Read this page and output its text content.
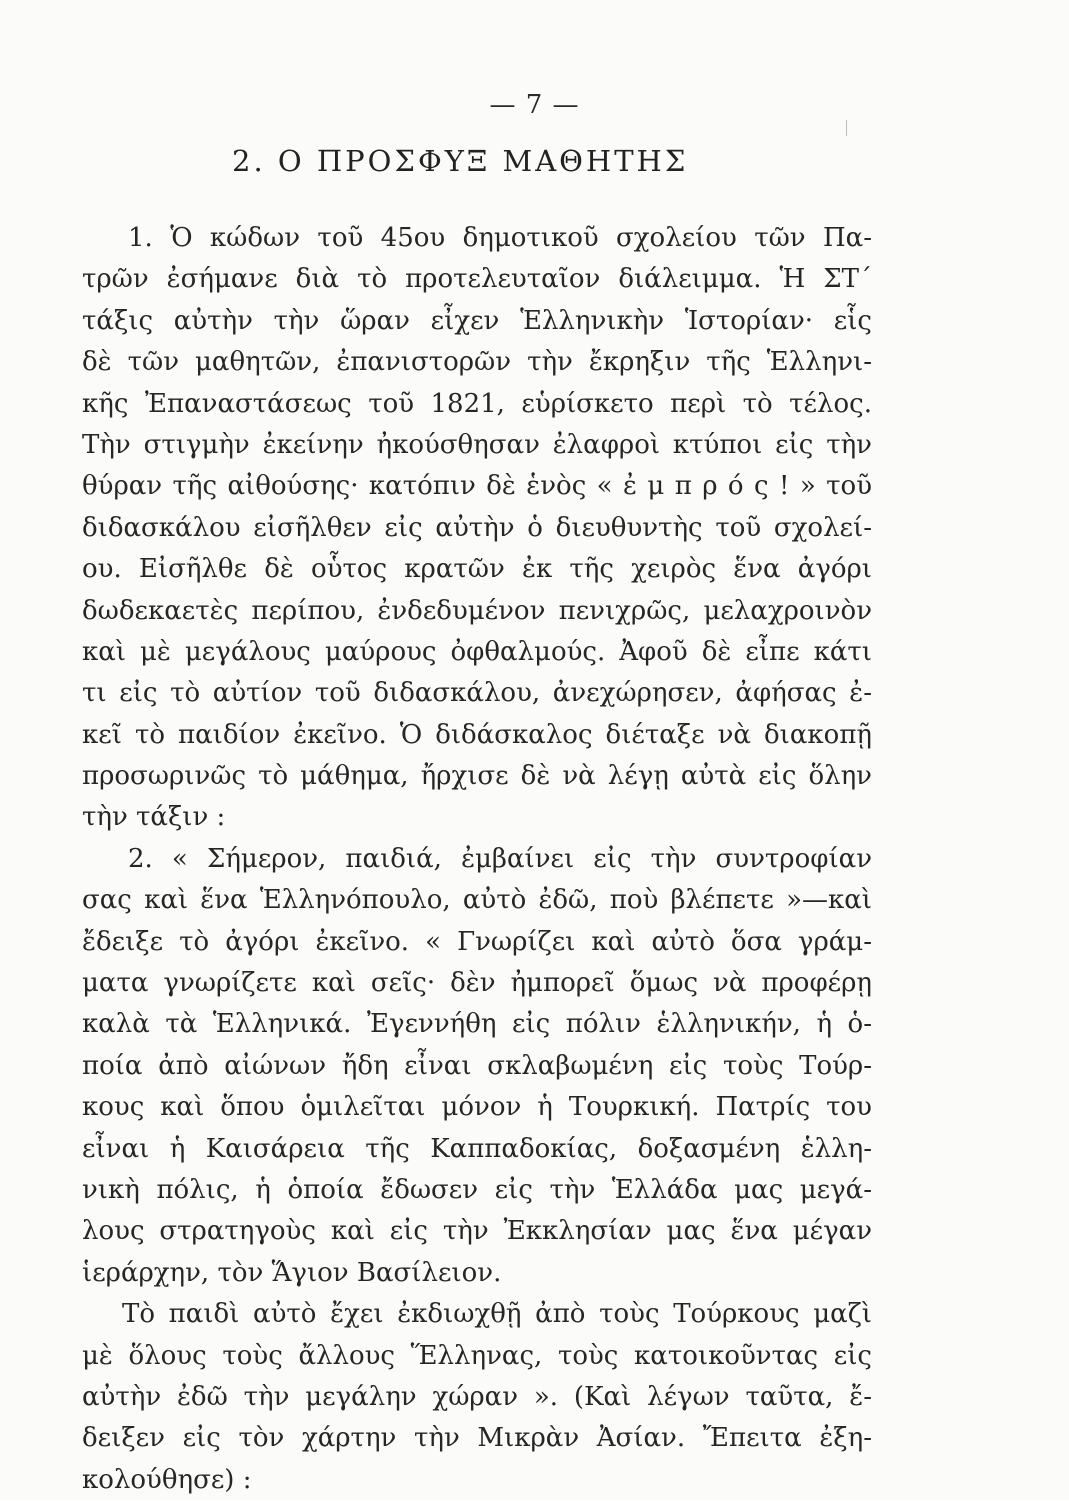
— 7 —
2. Ο ΠΡΟΣΦΥΞ ΜΑΘΗΤΗΣ
1. Ὁ κώδων τοῦ 45ου δημοτικοῦ σχολείου τῶν Πα-
τρῶν ἐσήμανε διὰ τὸ προτελευταῖον διάλειμμα. Ἡ ΣΤ΄
τάξις αὐτὴν τὴν ὥραν εἶχεν Ἑλληνικὴν Ἱστορίαν· εἷς
δὲ τῶν μαθητῶν, ἐπανιστορῶν τὴν ἔκρηξιν τῆς Ἑλληνι-
κῆς Ἐπαναστάσεως τοῦ 1821, εὑρίσκετο περὶ τὸ τέλος.
Τὴν στιγμὴν ἐκείνην ἠκούσθησαν ἐλαφροὶ κτύποι εἰς τὴν
θύραν τῆς αἰθούσης· κατόπιν δὲ ἑνὸς « ἐ μ π ρ ό ς ! » τοῦ
διδασκάλου εἰσῆλθεν εἰς αὐτὴν ὁ διευθυντὴς τοῦ σχολεί-
ου. Εἰσῆλθε δὲ οὗτος κρατῶν ἐκ τῆς χειρὸς ἕνα ἀγόρι
δωδεκαετὲς περίπου, ἐνδεδυμένον πενιχρῶς, μελαχροινὸν
καὶ μὲ μεγάλους μαύρους ὀφθαλμούς. Ἀφοῦ δὲ εἶπε κάτι
τι εἰς τὸ αὐτίον τοῦ διδασκάλου, ἀνεχώρησεν, ἀφήσας ἐ-
κεῖ τὸ παιδίον ἐκεῖνο. Ὁ διδάσκαλος διέταξε νὰ διακοπῇ
προσωρινῶς τὸ μάθημα, ἤρχισε δὲ νὰ λέγῃ αὐτὰ εἰς ὅλην
τὴν τάξιν :
2. « Σήμερον, παιδιά, ἐμβαίνει εἰς τὴν συντροφίαν
σας καὶ ἕνα Ἑλληνόπουλο, αὐτὸ ἐδῶ, ποὺ βλέπετε »—καὶ
ἔδειξε τὸ ἀγόρι ἐκεῖνο. « Γνωρίζει καὶ αὐτὸ ὅσα γράμ-
ματα γνωρίζετε καὶ σεῖς· δὲν ἠμπορεῖ ὅμως νὰ προφέρῃ
καλὰ τὰ Ἑλληνικά. Ἐγεννήθη εἰς πόλιν ἑλληνικήν, ἡ ὁ-
ποία ἀπὸ αἰώνων ἤδη εἶναι σκλαβωμένη εἰς τοὺς Τούρ-
κους καὶ ὅπου ὁμιλεῖται μόνον ἡ Τουρκική. Πατρίς του
εἶναι ἡ Καισάρεια τῆς Καππαδοκίας, δοξασμένη ἑλλη-
νικὴ πόλις, ἡ ὁποία ἔδωσεν εἰς τὴν Ἑλλάδα μας μεγά-
λους στρατηγοὺς καὶ εἰς τὴν Ἐκκλησίαν μας ἕνα μέγαν
ἱεράρχην, τὸν Ἅγιον Βασίλειον.
Τὸ παιδὶ αὐτὸ ἔχει ἐκδιωχθῇ ἀπὸ τοὺς Τούρκους μαζὶ
μὲ ὅλους τοὺς ἄλλους Ἕλληνας, τοὺς κατοικοῦντας εἰς
αὐτὴν ἐδῶ τὴν μεγάλην χώραν ». (Καὶ λέγων ταῦτα, ἔ-
δειξεν εἰς τὸν χάρτην τὴν Μικρὰν Ἀσίαν. Ἔπειτα ἐξη-
κολούθησε) :
